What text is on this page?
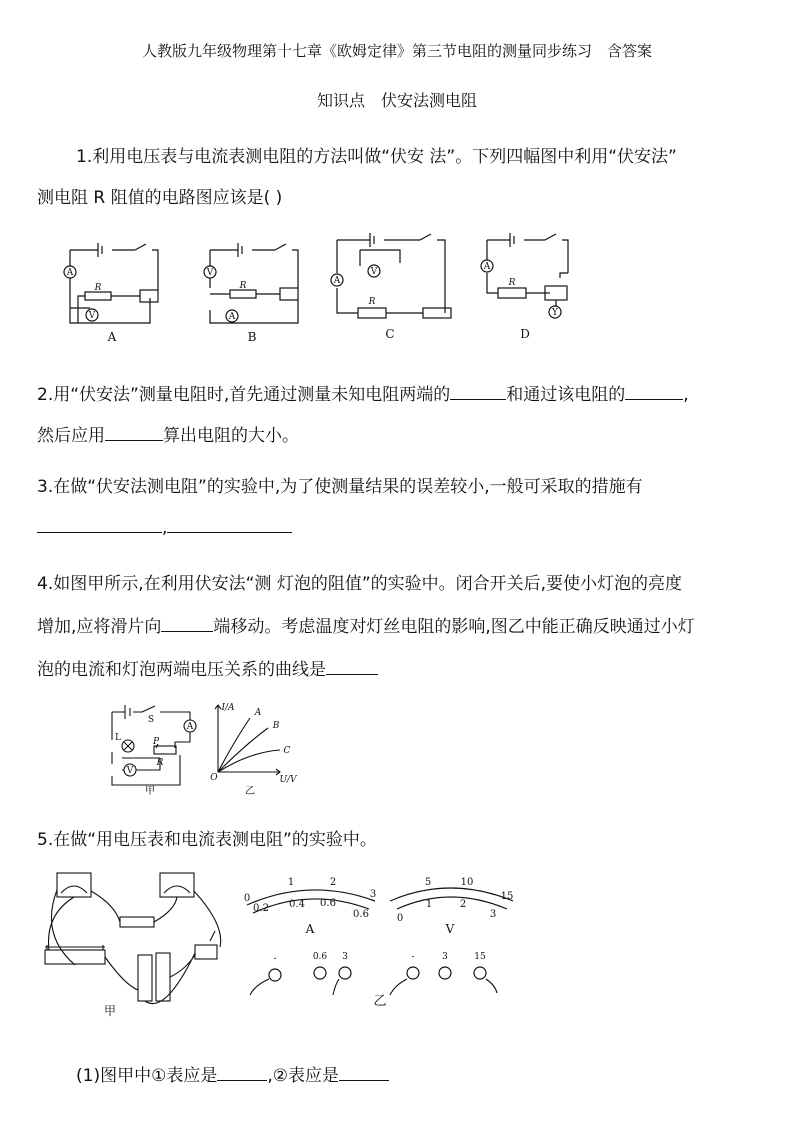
人教版九年级物理第十七章《欧姆定律》第三节电阻的测量同步练习　含答案
知识点　伏安法测电阻
1.利用电压表与电流表测电阻的方法叫做“伏安 法”。下列四幅图中利用“伏安法”
测电阻 R 阻值的电路图应该是( )
A
V
R
V
A
R	A
V
R
A
Y
R
A	B	C	D
2.用“伏安法”测量电阻时,首先通过测量未知电阻两端的	和通过该电阻的	,
然后应用	算出电阻的大小。
3.在做“伏安法测电阻”的实验中,为了使测量结果的误差较小,一般可采取的措施有
,
4.如图甲所示,在利用伏安法“测 灯泡的阻值”的实验中。闭合开关后,要使小灯泡的亮度
增加,应将滑片向	端移动。考虑温度对灯丝电阻的影响,图乙中能正确反映通过小灯
泡的电流和灯泡两端电压关系的曲线是
S
L	P
R
A
V
甲
I/A
U/V
O
A
B
C
乙
5.在做“用电压表和电流表测电阻”的实验中。
甲
0.2 0.4 0.6
0.6
0
1	2
3
A
0
1	2
3
5	10
15
V
-	0.6 3	-	3	15
乙
(1)图甲中①表应是	,②表应是
